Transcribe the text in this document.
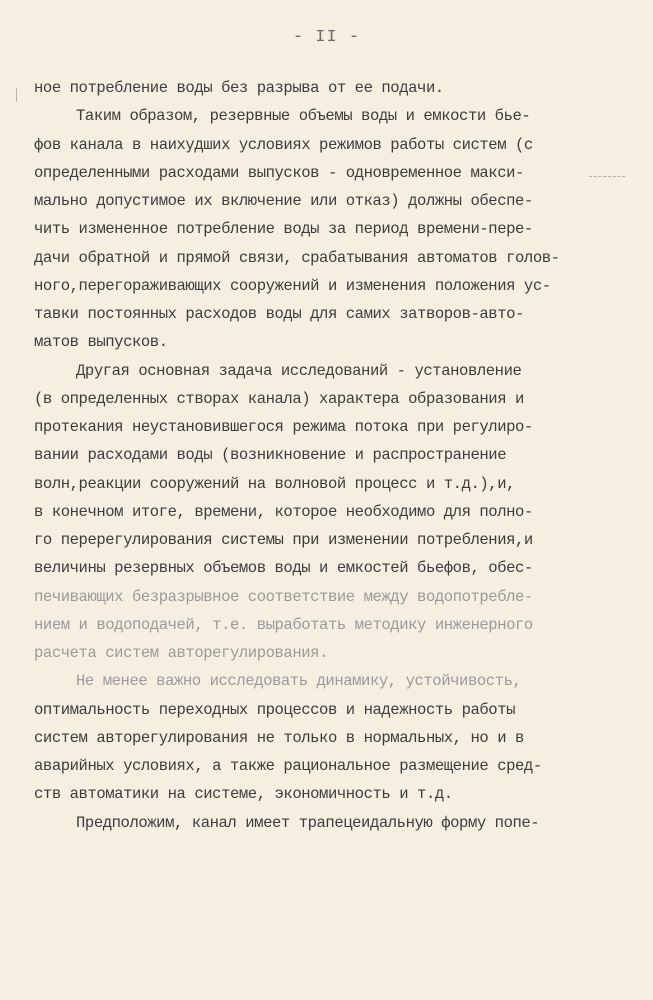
- II -
ное потребление воды без разрыва от ее подачи.
Таким образом, резервные объемы воды и емкости бье-
фов канала в наихудших условиях режимов работы систем (с
определенными расходами выпусков - одновременное макси-
мально допустимое их включение или отказ) должны обеспе-
чить измененное потребление воды за период времени-пере-
дачи обратной и прямой связи, срабатывания автоматов голов-
ного,перегораживающих сооружений и изменения положения ус-
тавки постоянных расходов воды для самих затворов-авто-
матов выпусков.
Другая основная задача исследований - установление
(в определенных створах канала) характера образования и
протекания неустановившегося режима потока при регулиро-
вании расходами воды (возникновение и распространение
волн,реакции сооружений на волновой процесс и т.д.),и,
в конечном итоге, времени, которое необходимо для полно-
го перерегулирования системы при изменении потребления,и
величины резервных объемов воды и емкостей бьефов, обес-
печивающих безразрывное соответствие между водопотребле-
нием и водоподачей, т.е. выработать методику инженерного
расчета систем авторегулирования.
Не менее важно исследовать динамику, устойчивость,
оптимальность переходных процессов и надежность работы
систем авторегулирования не только в нормальных, но и в
аварийных условиях, а также рациональное размещение сред-
ств автоматики на системе, экономичность и т.д.
Предположим, канал имеет трапецеидальную форму попе-
